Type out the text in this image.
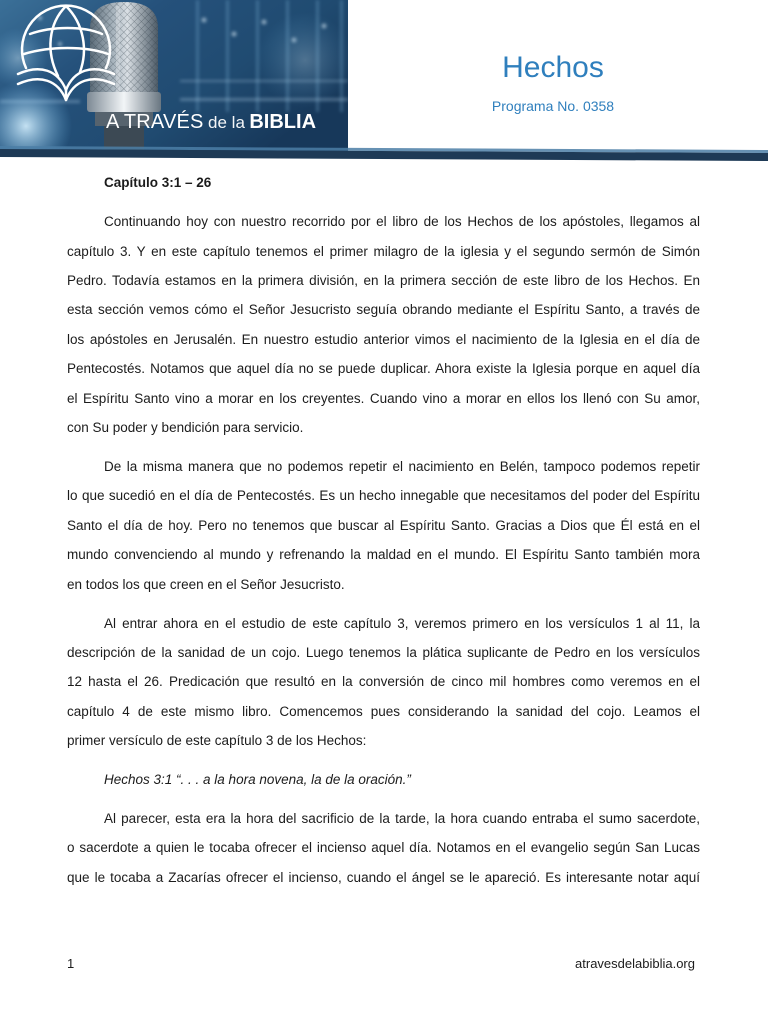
A TRAVÉS de la BIBLIA
Hechos
Programa No. 0358
Capítulo 3:1 – 26
Continuando hoy con nuestro recorrido por el libro de los Hechos de los apóstoles, llegamos al
capítulo 3. Y en este capítulo tenemos el primer milagro de la iglesia y el segundo sermón de Simón
Pedro. Todavía estamos en la primera división, en la primera sección de este libro de los Hechos. En
esta sección vemos cómo el Señor Jesucristo seguía obrando mediante el Espíritu Santo, a través de
los apóstoles en Jerusalén. En nuestro estudio anterior vimos el nacimiento de la Iglesia en el día de
Pentecostés. Notamos que aquel día no se puede duplicar. Ahora existe la Iglesia porque en aquel día
el Espíritu Santo vino a morar en los creyentes. Cuando vino a morar en ellos los llenó con Su amor,
con Su poder y bendición para servicio.
De la misma manera que no podemos repetir el nacimiento en Belén, tampoco podemos repetir
lo que sucedió en el día de Pentecostés. Es un hecho innegable que necesitamos del poder del Espíritu
Santo el día de hoy. Pero no tenemos que buscar al Espíritu Santo. Gracias a Dios que Él está en el
mundo convenciendo al mundo y refrenando la maldad en el mundo. El Espíritu Santo también mora
en todos los que creen en el Señor Jesucristo.
Al entrar ahora en el estudio de este capítulo 3, veremos primero en los versículos 1 al 11, la
descripción de la sanidad de un cojo. Luego tenemos la plática suplicante de Pedro en los versículos
12 hasta el 26. Predicación que resultó en la conversión de cinco mil hombres como veremos en el
capítulo 4 de este mismo libro. Comencemos pues considerando la sanidad del cojo. Leamos el
primer versículo de este capítulo 3 de los Hechos:
Hechos 3:1 “. . . a la hora novena, la de la oración.”
Al parecer, esta era la hora del sacrificio de la tarde, la hora cuando entraba el sumo sacerdote,
o sacerdote a quien le tocaba ofrecer el incienso aquel día. Notamos en el evangelio según San Lucas
que le tocaba a Zacarías ofrecer el incienso, cuando el ángel se le apareció. Es interesante notar aquí
1	atravesdelabiblia.org
